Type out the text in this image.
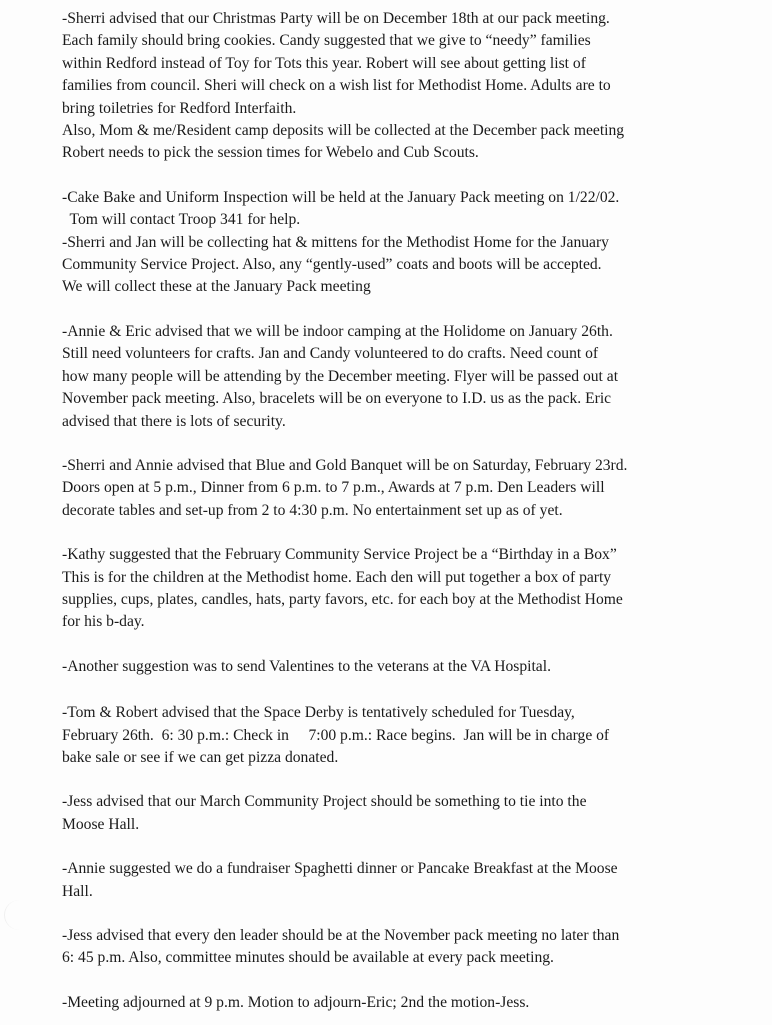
-Sherri advised that our Christmas Party will be on December 18th at our pack meeting.
Each family should bring cookies. Candy suggested that we give to “needy” families
within Redford instead of Toy for Tots this year. Robert will see about getting list of
families from council. Sheri will check on a wish list for Methodist Home. Adults are to
bring toiletries for Redford Interfaith.
Also, Mom & me/Resident camp deposits will be collected at the December pack meeting
Robert needs to pick the session times for Webelo and Cub Scouts.

-Cake Bake and Uniform Inspection will be held at the January Pack meeting on 1/22/02.
Tom will contact Troop 341 for help.
-Sherri and Jan will be collecting hat & mittens for the Methodist Home for the January
Community Service Project. Also, any “gently-used” coats and boots will be accepted.
We will collect these at the January Pack meeting

-Annie & Eric advised that we will be indoor camping at the Holidome on January 26th.
Still need volunteers for crafts. Jan and Candy volunteered to do crafts. Need count of
how many people will be attending by the December meeting. Flyer will be passed out at
November pack meeting. Also, bracelets will be on everyone to I.D. us as the pack. Eric
advised that there is lots of security.

-Sherri and Annie advised that Blue and Gold Banquet will be on Saturday, February 23rd.
Doors open at 5 p.m., Dinner from 6 p.m. to 7 p.m., Awards at 7 p.m. Den Leaders will
decorate tables and set-up from 2 to 4:30 p.m. No entertainment set up as of yet.

-Kathy suggested that the February Community Service Project be a “Birthday in a Box”
This is for the children at the Methodist home. Each den will put together a box of party
supplies, cups, plates, candles, hats, party favors, etc. for each boy at the Methodist Home
for his b-day.

-Another suggestion was to send Valentines to the veterans at the VA Hospital.

-Tom & Robert advised that the Space Derby is tentatively scheduled for Tuesday,
February 26th.  6: 30 p.m.: Check in     7:00 p.m.: Race begins.  Jan will be in charge of
bake sale or see if we can get pizza donated.

-Jess advised that our March Community Project should be something to tie into the
Moose Hall.

-Annie suggested we do a fundraiser Spaghetti dinner or Pancake Breakfast at the Moose
Hall.

-Jess advised that every den leader should be at the November pack meeting no later than
6: 45 p.m. Also, committee minutes should be available at every pack meeting.

-Meeting adjourned at 9 p.m. Motion to adjourn-Eric; 2nd the motion-Jess.
